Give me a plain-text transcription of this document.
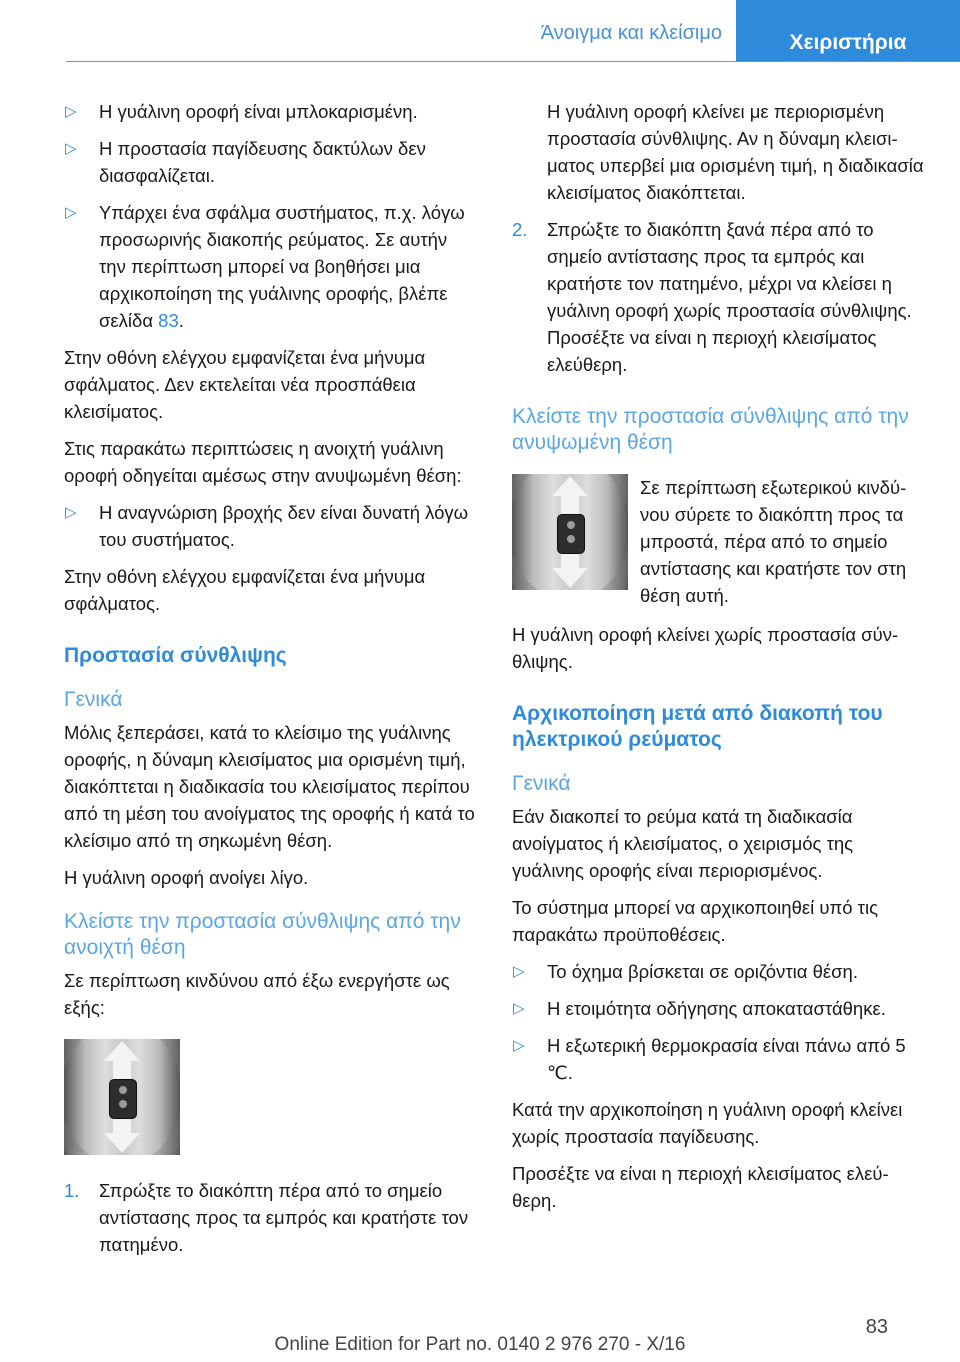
Άνοιγμα και κλείσιμο	Χειριστήρια
▷ Η γυάλινη οροφή είναι μπλοκαρισμένη.
▷ Η προστασία παγίδευσης δακτύλων δεν διασφαλίζεται.
▷ Υπάρχει ένα σφάλμα συστήματος, π.χ. λόγω προσωρινής διακοπής ρεύματος. Σε αυτήν την περίπτωση μπορεί να βοηθήσει μια αρχικοποίηση της γυάλινης οροφής, βλέπε σελίδα 83.

Στην οθόνη ελέγχου εμφανίζεται ένα μήνυμα σφάλματος. Δεν εκτελείται νέα προσπάθεια κλεισίματος.

Στις παρακάτω περιπτώσεις η ανοιχτή γυάλινη οροφή οδηγείται αμέσως στην ανυψωμένη θέση:

▷ Η αναγνώριση βροχής δεν είναι δυνατή λόγω του συστήματος.

Στην οθόνη ελέγχου εμφανίζεται ένα μήνυμα σφάλματος.

Προστασία σύνθλιψης
Γενικά

Μόλις ξεπεράσει, κατά το κλείσιμο της γυάλινης οροφής, η δύναμη κλεισίματος μια ορισμένη τιμή, διακόπτεται η διαδικασία του κλεισίματος περίπου από τη μέση του ανοίγματος της οροφής ή κατά το κλείσιμο από τη σηκωμένη θέση.

Η γυάλινη οροφή ανοίγει λίγο.

Κλείστε την προστασία σύνθλιψης από την ανοιχτή θέση

Σε περίπτωση κινδύνου από έξω ενεργήστε ως εξής:

1. Σπρώξτε το διακόπτη πέρα από το σημείο αντίστασης προς τα εμπρός και κρατήστε τον πατημένο.
Η γυάλινη οροφή κλείνει με περιορισμένη προστασία σύνθλιψης. Αν η δύναμη κλεισιματος υπερβεί μια ορισμένη τιμή, η διαδικασία κλεισίματος διακόπτεται.
2. Σπρώξτε το διακόπτη ξανά πέρα από το σημείο αντίστασης προς τα εμπρός και κρατήστε τον πατημένο, μέχρι να κλείσει η γυάλινη οροφή χωρίς προστασία σύνθλιψης. Προσέξτε να είναι η περιοχή κλεισίματος ελεύθερη.
Κλείστε την προστασία σύνθλιψης από την ανυψωμένη θέση

Σε περίπτωση εξωτερικού κινδύνου σύρετε το διακόπτη προς τα μπροστά, πέρα από το σημείο αντίστασης και κρατήστε τον στη θέση αυτή.

Η γυάλινη οροφή κλείνει χωρίς προστασία σύνθλιψης.

Αρχικοποίηση μετά από διακοπή του ηλεκτρικού ρεύματος
Γενικά

Εάν διακοπεί το ρεύμα κατά τη διαδικασία ανοίγματος ή κλεισίματος, ο χειρισμός της γυάλινης οροφής είναι περιορισμένος.

Το σύστημα μπορεί να αρχικοποιηθεί υπό τις παρακάτω προϋποθέσεις.

▷ Το όχημα βρίσκεται σε οριζόντια θέση.
▷ Η ετοιμότητα οδήγησης αποκαταστάθηκε.
▷ Η εξωτερική θερμοκρασία είναι πάνω από 5 ℃.

Κατά την αρχικοποίηση η γυάλινη οροφή κλείνει χωρίς προστασία παγίδευσης.

Προσέξτε να είναι η περιοχή κλεισίματος ελεύθερη.

83
Online Edition for Part no. 0140 2 976 270 - X/16
